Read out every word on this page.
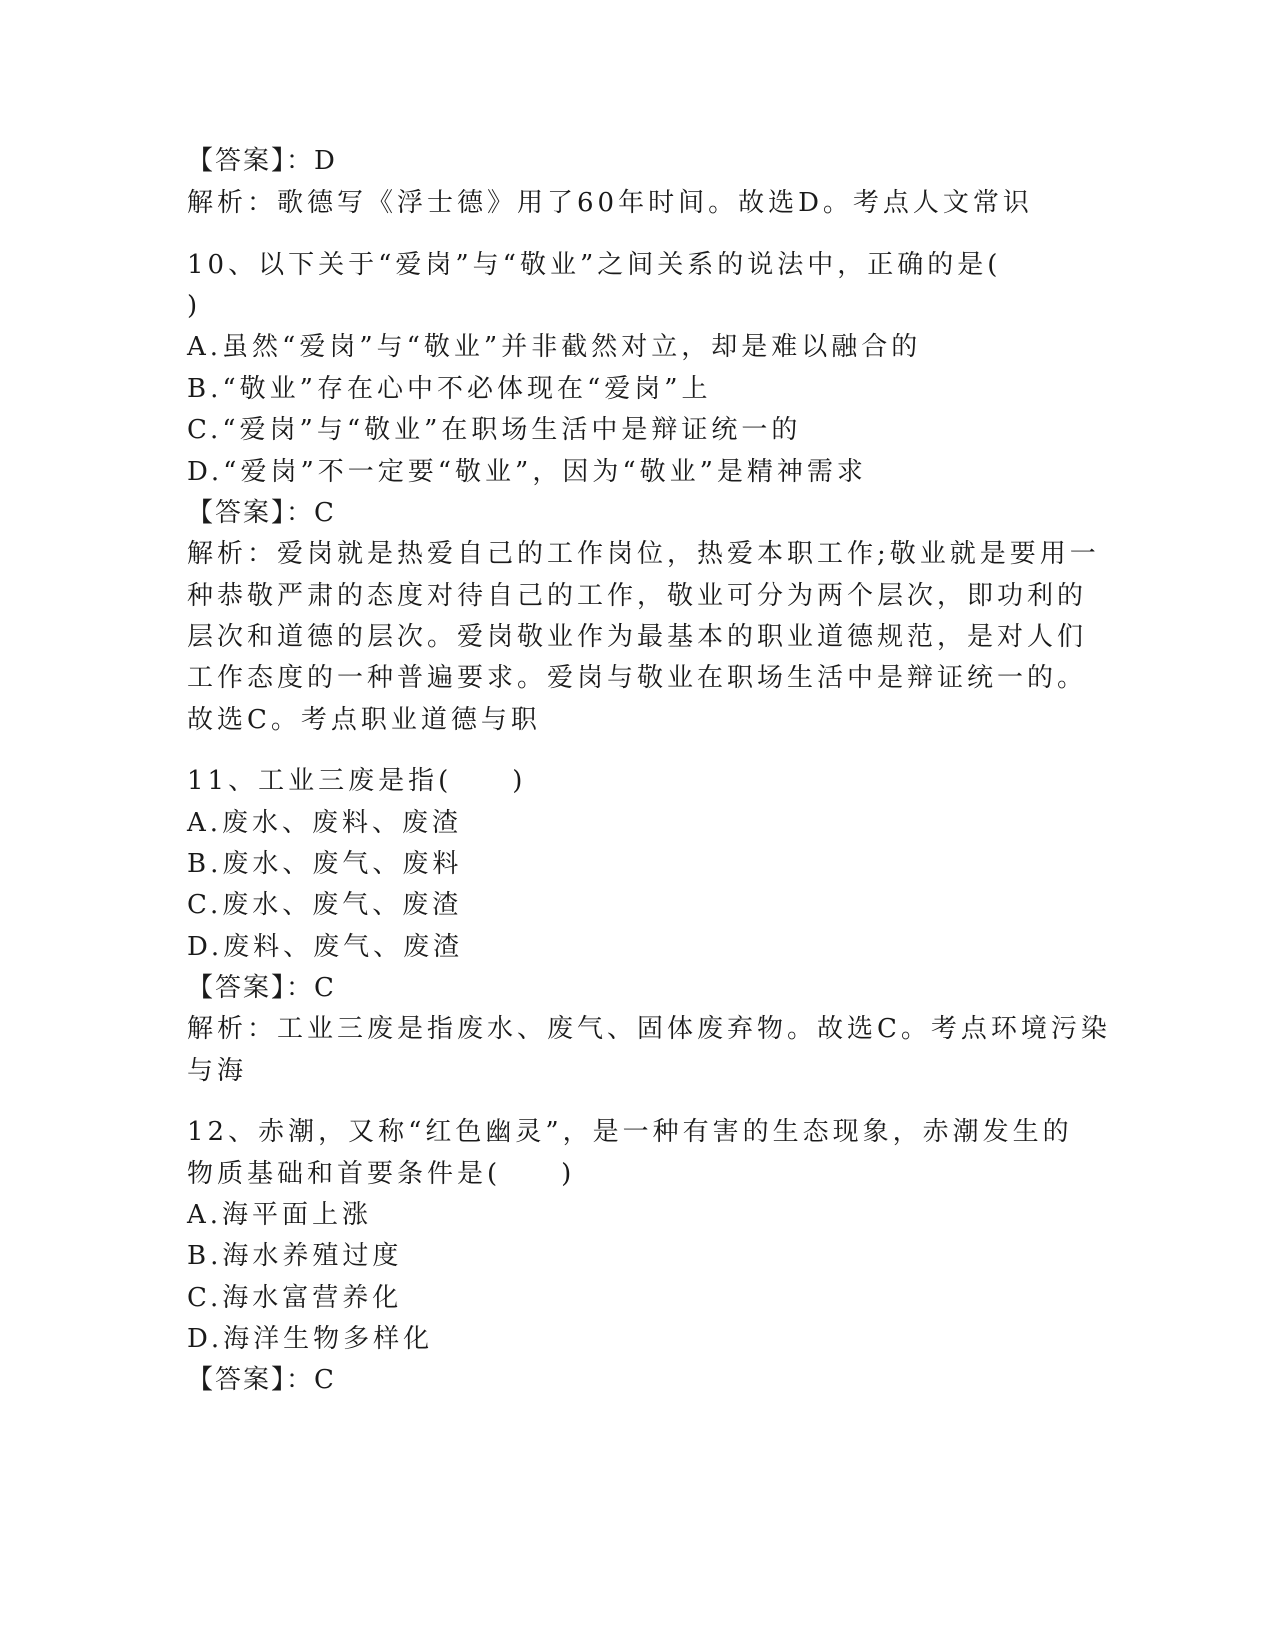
【答案】：D
解析：歌德写《浮士德》用了60年时间。故选D。考点人文常识
10、以下关于“爱岗”与“敬业”之间关系的说法中，正确的是(
)
A.虽然“爱岗”与“敬业”并非截然对立，却是难以融合的
B.“敬业”存在心中不必体现在“爱岗”上
C.“爱岗”与“敬业”在职场生活中是辩证统一的
D.“爱岗”不一定要“敬业”，因为“敬业”是精神需求
【答案】：C
解析：爱岗就是热爱自己的工作岗位，热爱本职工作;敬业就是要用一
种恭敬严肃的态度对待自己的工作，敬业可分为两个层次，即功利的
层次和道德的层次。爱岗敬业作为最基本的职业道德规范，是对人们
工作态度的一种普遍要求。爱岗与敬业在职场生活中是辩证统一的。
故选C。考点职业道德与职
11、工业三废是指(　　)
A.废水、废料、废渣
B.废水、废气、废料
C.废水、废气、废渣
D.废料、废气、废渣
【答案】：C
解析：工业三废是指废水、废气、固体废弃物。故选C。考点环境污染
与海
12、赤潮，又称“红色幽灵”，是一种有害的生态现象，赤潮发生的
物质基础和首要条件是(　　)
A.海平面上涨
B.海水养殖过度
C.海水富营养化
D.海洋生物多样化
【答案】：C
